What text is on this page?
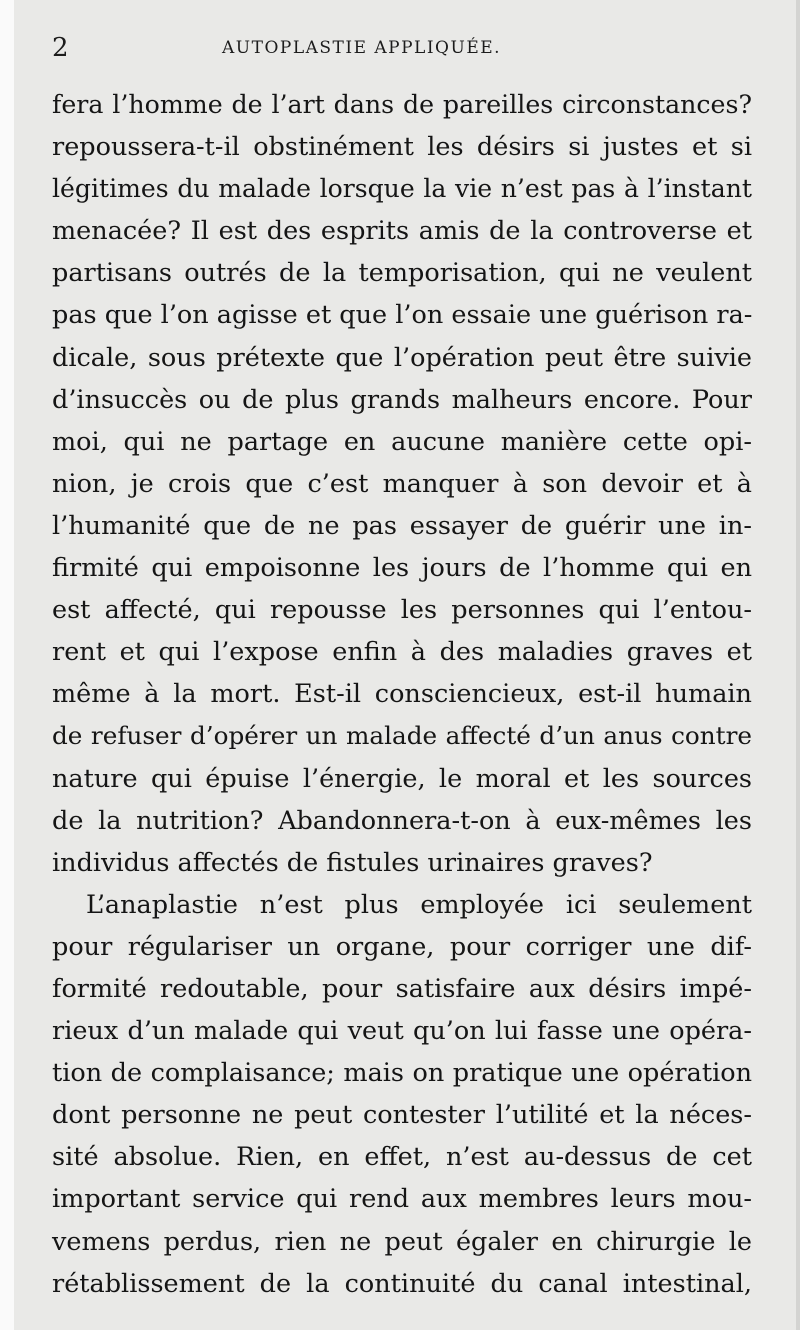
2	AUTOPLASTIE APPLIQUÉE.
fera l’homme de l’art dans de pareilles circonstances?
repoussera-t-il obstinément les désirs si justes et si
légitimes du malade lorsque la vie n’est pas à l’instant
menacée? Il est des esprits amis de la controverse et
partisans outrés de la temporisation, qui ne veulent
pas que l’on agisse et que l’on essaie une guérison ra-
dicale, sous prétexte que l’opération peut être suivie
d’insuccès ou de plus grands malheurs encore. Pour
moi, qui ne partage en aucune manière cette opi-
nion, je crois que c’est manquer à son devoir et à
l’humanité que de ne pas essayer de guérir une in-
firmité qui empoisonne les jours de l’homme qui en
est affecté, qui repousse les personnes qui l’entou-
rent et qui l’expose enfin à des maladies graves et
même à la mort. Est-il consciencieux, est-il humain
de refuser d’opérer un malade affecté d’un anus contre
nature qui épuise l’énergie, le moral et les sources
de la nutrition? Abandonnera-t-on à eux-mêmes les
individus affectés de fistules urinaires graves?
L’anaplastie n’est plus employée ici seulement
pour régulariser un organe, pour corriger une dif-
formité redoutable, pour satisfaire aux désirs impé-
rieux d’un malade qui veut qu’on lui fasse une opéra-
tion de complaisance; mais on pratique une opération
dont personne ne peut contester l’utilité et la néces-
sité absolue. Rien, en effet, n’est au-dessus de cet
important service qui rend aux membres leurs mou-
vemens perdus, rien ne peut égaler en chirurgie le
rétablissement de la continuité du canal intestinal,
